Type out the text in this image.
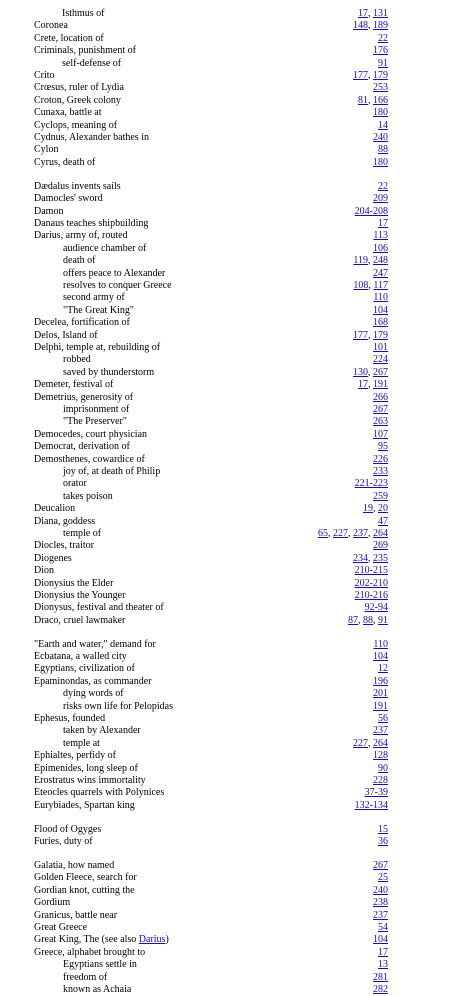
Isthmus of	17, 131
Coronea	148, 189
Crete, location of	22
Criminals, punishment of	176
self-defense of	91
Crito	177, 179
Crœsus, ruler of Lydia	253
Croton, Greek colony	81, 166
Cunaxa, battle at	180
Cyclops, meaning of	14
Cydnus, Alexander bathes in	240
Cylon	88
Cyrus, death of	180
Dædalus invents sails	22
Damocles' sword	209
Damon	204-208
Danaus teaches shipbuilding	17
Darius, army of, routed	113
audience chamber of	106
death of	119, 248
offers peace to Alexander	247
resolves to conquer Greece	108, 117
second army of	110
"The Great King"	104
Decelea, fortification of	168
Delos, Island of	177, 179
Delphi, temple at, rebuilding of	101
robbed	224
saved by thunderstorm	130, 267
Demeter, festival of	17, 191
Demetrius, generosity of	266
imprisonment of	267
"The Preserver"	263
Democedes, court physician	107
Democrat, derivation of	95
Demosthenes, cowardice of	226
joy of, at death of Philip	233
orator	221-223
takes poison	259
Deucalion	19, 20
Diana, goddess	47
temple of	65, 227, 237, 264
Diocles, traitor	269
Diogenes	234, 235
Dion	210-215
Dionysius the Elder	202-210
Dionysius the Younger	210-216
Dionysus, festival and theater of	92-94
Draco, cruel lawmaker	87, 88, 91
"Earth and water," demand for	110
Ecbatana, a walled city	104
Egyptians, civilization of	12
Epaminondas, as commander	196
dying words of	201
risks own life for Pelopidas	191
Ephesus, founded	56
taken by Alexander	237
temple at	227, 264
Ephialtes, perfidy of	128
Epimenides, long sleep of	90
Erostratus wins immortality	228
Eteocles quarrels with Polynices	37-39
Eurybiades, Spartan king	132-134
Flood of Ogyges	15
Furies, duty of	36
Galatia, how named	267
Golden Fleece, search for	25
Gordian knot, cutting the	240
Gordium	238
Granicus, battle near	237
Great Greece	54
Great King, The (see also Darius)	104
Greece, alphabet brought to	17
Egyptians settle in	13
freedom of	281
known as Achaia	282
